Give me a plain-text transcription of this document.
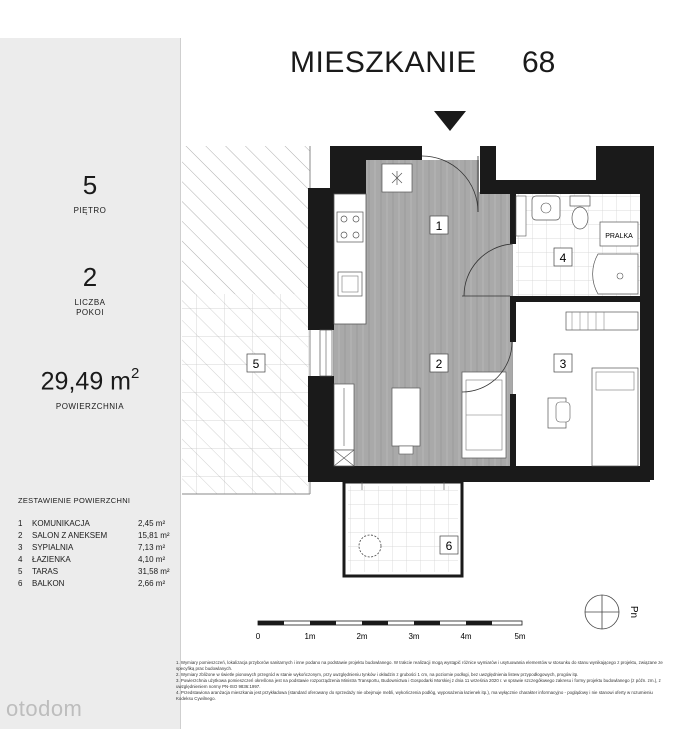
5
PIĘTRO
2
LICZBA
POKOI
29,49 $m^2$
POWIERZCHNIA
ZESTAWIENIE POWIERZCHNI
1 KOMUNIKACJA	2,45 m²
2 SALON Z ANEKSEM	15,81 m²
3 SYPIALNIA	7,13 m²
4 ŁAZIENKA	4,10 m²
5 TARAS	31,58 m²
6 BALKON	2,66 m²
MIESZKANIE 68
PRALKA
1
2	3
4
5
6
Pn
0	1m	2m	3m	4m	5m
1. Wymiary pomieszczeń, lokalizacja przyborów sanitarnych i inne podano na podstawie projektu budowlanego. W trakcie realizacji mogą wystąpić różnice wymiarów i usytuowania elementów w stosunku do stanu wynikającego z projektu, związane ze specyfiką prac budowlanych.
2. Wymiary zbliżone w świetle pionowych przegród w stanie wykończonym, przy uwzględnieniu tynków i okładzin z grubości 1 cm, na poziomie podłogi, bez uwzględnienia listew przypodłogowych, progów itp.
3. Powierzchnia użytkowa pomieszczeń określona jest na podstawie rozporządzenia Ministra Transportu, Budownictwa i Gospodarki Morskiej z dnia 11 września 2020 r. w sprawie szczegółowego zakresu i formy projektu budowlanego (z późn. zm.), z uwzględnieniem normy PN-ISO 9836:1997.
4. Przedstawiona aranżacja mieszkania jest przykładowa (standard oferowany do sprzedaży nie obejmuje mebli, wykończenia podłóg, wyposażenia łazienek itp.), ma wyłącznie charakter informacyjno - poglądowy i nie stanowi oferty w rozumieniu Kodeksu Cywilnego.
otodom
